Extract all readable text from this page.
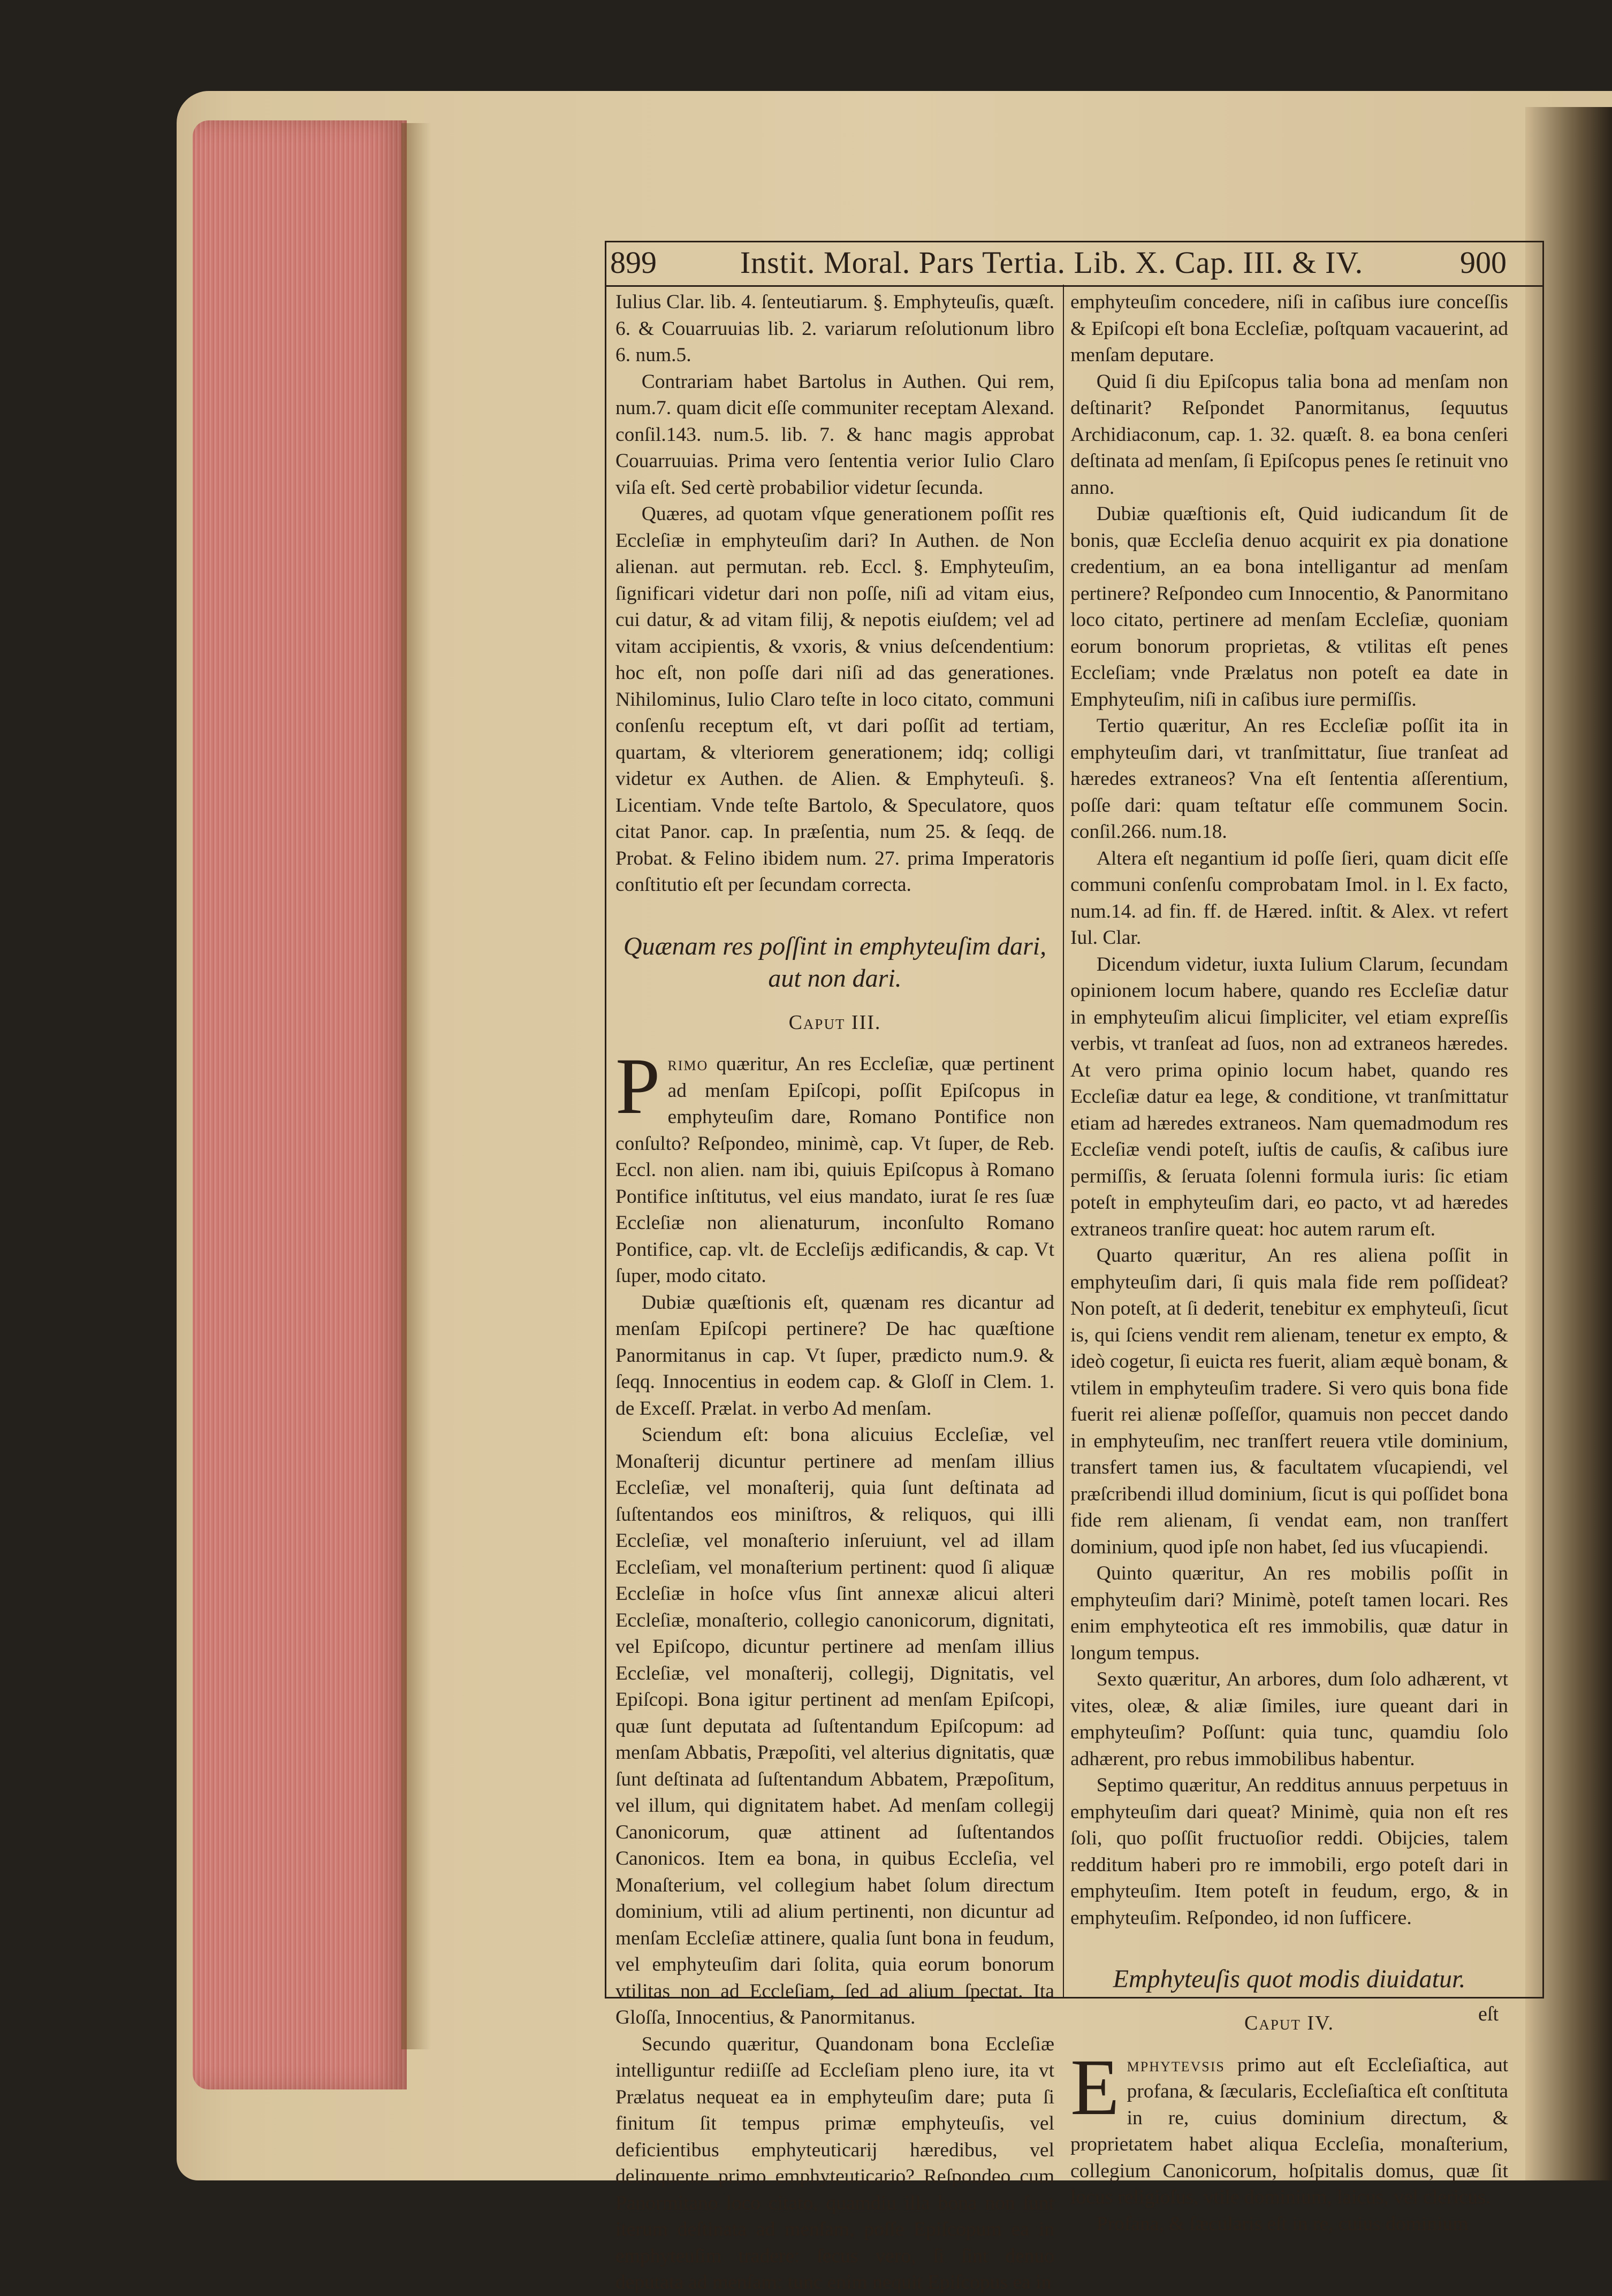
899	Instit. Moral. Pars Tertia. Lib. X. Cap. III. & IV.	900

Iulius Clar. lib. 4. ſenteutiarum. §. Emphyteuſis, quæſt. 6. & Couarruuias lib. 2. variarum reſolutionum libro 6. num.5.

Contrariam habet Bartolus in Authen. Qui rem, num.7. quam dicit eſſe communiter receptam Alexand. conſil.143. num.5. lib. 7. & hanc magis approbat Couarruuias. Prima vero ſententia verior Iulio Claro viſa eſt. Sed certè probabilior videtur ſecunda.

Quæres, ad quotam vſque generationem poſſit res Eccleſiæ in emphyteuſim dari? In Authen. de Non alienan. aut permutan. reb. Eccl. §. Emphyteuſim, ſignificari videtur dari non poſſe, niſi ad vitam eius, cui datur, & ad vitam filij, & nepotis eiuſdem; vel ad vitam accipientis, & vxoris, & vnius deſcendentium: hoc eſt, non poſſe dari niſi ad das generationes. Nihilominus, Iulio Claro teſte in loco citato, communi conſenſu receptum eſt, vt dari poſſit ad tertiam, quartam, & vlteriorem generationem; idq; colligi videtur ex Authen. de Alien. & Emphyteuſi. §. Licentiam. Vnde teſte Bartolo, & Speculatore, quos citat Panor. cap. In præſentia, num 25. & ſeqq. de Probat. & Felino ibidem num. 27. prima Imperatoris conſtitutio eſt per ſecundam correcta.

Quænam res poſſint in emphyteuſim dari, aut non dari.
Caput III.

Primo quæritur, An res Eccleſiæ, quæ pertinent ad menſam Epiſcopi, poſſit Epiſcopus in emphyteuſim dare, Romano Pontifice non conſulto? Reſpondeo, minimè, cap. Vt ſuper, de Reb. Eccl. non alien. nam ibi, quiuis Epiſcopus à Romano Pontifice inſtitutus, vel eius mandato, iurat ſe res ſuæ Eccleſiæ non alienaturum, inconſulto Romano Pontifice, cap. vlt. de Eccleſijs ædificandis, & cap. Vt ſuper, modo citato.

Dubiæ quæſtionis eſt, quænam res dicantur ad menſam Epiſcopi pertinere? De hac quæſtione Panormitanus in cap. Vt ſuper, prædicto num.9. & ſeqq. Innocentius in eodem cap. & Gloſſ in Clem. 1. de Exceſſ. Prælat. in verbo Ad menſam.

Sciendum eſt: bona alicuius Eccleſiæ, vel Monaſterij dicuntur pertinere ad menſam illius Eccleſiæ, vel monaſterij, quia ſunt deſtinata ad ſuſtentandos eos miniſtros, & reliquos, qui illi Eccleſiæ, vel monaſterio inſeruiunt, vel ad illam Eccleſiam, vel monaſterium pertinent: quod ſi aliquæ Eccleſiæ in hoſce vſus ſint annexæ alicui alteri Eccleſiæ, monaſterio, collegio canonicorum, dignitati, vel Epiſcopo, dicuntur pertinere ad menſam illius Eccleſiæ, vel monaſterij, collegij, Dignitatis, vel Epiſcopi. Bona igitur pertinent ad menſam Epiſcopi, quæ ſunt deputata ad ſuſtentandum Epiſcopum: ad menſam Abbatis, Præpoſiti, vel alterius dignitatis, quæ ſunt deſtinata ad ſuſtentandum Abbatem, Præpoſitum, vel illum, qui dignitatem habet. Ad menſam collegij Canonicorum, quæ attinent ad ſuſtentandos Canonicos. Item ea bona, in quibus Eccleſia, vel Monaſterium, vel collegium habet ſolum directum dominium, vtili ad alium pertinenti, non dicuntur ad menſam Eccleſiæ attinere, qualia ſunt bona in feudum, vel emphyteuſim dari ſolita, quia eorum bonorum vtilitas non ad Eccleſiam, ſed ad alium ſpectat. Ita Gloſſa, Innocentius, & Panormitanus.

Secundo quæritur, Quandonam bona Eccleſiæ intelliguntur rediiſſe ad Eccleſiam pleno iure, ita vt Prælatus nequeat ea in emphyteuſim dare; puta ſi finitum ſit tempus primæ emphyteuſis, vel deficientibus emphyteuticarij hæredibus, vel delinquente primo emphyteuticario? Reſpondeo cum Panormitano loco citato, quamdiu illa bona non ſunt iterum deſtinata ad menſam, poſſe Epiſcopum ea in emphyteuſim tradere: ſecus vero, ſi ſint denuo deputata ad menſam: tunc enim nequit Epiſcopus ea in

emphyteuſim concedere, niſi in caſibus iure conceſſis & Epiſcopi eſt bona Eccleſiæ, poſtquam vacauerint, ad menſam deputare.

Quid ſi diu Epiſcopus talia bona ad menſam non deſtinarit? Reſpondet Panormitanus, ſequutus Archidiaconum, cap. 1. 32. quæſt. 8. ea bona cenſeri deſtinata ad menſam, ſi Epiſcopus penes ſe retinuit vno anno.

Dubiæ quæſtionis eſt, Quid iudicandum ſit de bonis, quæ Eccleſia denuo acquirit ex pia donatione credentium, an ea bona intelligantur ad menſam pertinere? Reſpondeo cum Innocentio, & Panormitano loco citato, pertinere ad menſam Eccleſiæ, quoniam eorum bonorum proprietas, & vtilitas eſt penes Eccleſiam; vnde Prælatus non poteſt ea date in Emphyteuſim, niſi in caſibus iure permiſſis.

Tertio quæritur, An res Eccleſiæ poſſit ita in emphyteuſim dari, vt tranſmittatur, ſiue tranſeat ad hæredes extraneos? Vna eſt ſententia aſſerentium, poſſe dari: quam teſtatur eſſe communem Socin. conſil.266. num.18.

Altera eſt negantium id poſſe ſieri, quam dicit eſſe communi conſenſu comprobatam Imol. in l. Ex facto, num.14. ad fin. ff. de Hæred. inſtit. & Alex. vt refert Iul. Clar.

Dicendum videtur, iuxta Iulium Clarum, ſecundam opinionem locum habere, quando res Eccleſiæ datur in emphyteuſim alicui ſimpliciter, vel etiam expreſſis verbis, vt tranſeat ad ſuos, non ad extraneos hæredes. At vero prima opinio locum habet, quando res Eccleſiæ datur ea lege, & conditione, vt tranſmittatur etiam ad hæredes extraneos. Nam quemadmodum res Eccleſiæ vendi poteſt, iuſtis de cauſis, & caſibus iure permiſſis, & ſeruata ſolenni formula iuris: ſic etiam poteſt in emphyteuſim dari, eo pacto, vt ad hæredes extraneos tranſire queat: hoc autem rarum eſt.

Quarto quæritur, An res aliena poſſit in emphyteuſim dari, ſi quis mala fide rem poſſideat? Non poteſt, at ſi dederit, tenebitur ex emphyteuſi, ſicut is, qui ſciens vendit rem alienam, tenetur ex empto, & ideò cogetur, ſi euicta res fuerit, aliam æquè bonam, & vtilem in emphyteuſim tradere. Si vero quis bona fide fuerit rei alienæ poſſeſſor, quamuis non peccet dando in emphyteuſim, nec tranſfert reuera vtile dominium, transfert tamen ius, & facultatem vſucapiendi, vel præſcribendi illud dominium, ſicut is qui poſſidet bona fide rem alienam, ſi vendat eam, non tranſfert dominium, quod ipſe non habet, ſed ius vſucapiendi.

Quinto quæritur, An res mobilis poſſit in emphyteuſim dari? Minimè, poteſt tamen locari. Res enim emphyteotica eſt res immobilis, quæ datur in longum tempus.

Sexto quæritur, An arbores, dum ſolo adhærent, vt vites, oleæ, & aliæ ſimiles, iure queant dari in emphyteuſim? Poſſunt: quia tunc, quamdiu ſolo adhærent, pro rebus immobilibus habentur.

Septimo quæritur, An redditus annuus perpetuus in emphyteuſim dari queat? Minimè, quia non eſt res ſoli, quo poſſit fructuoſior reddi. Obijcies, talem redditum haberi pro re immobili, ergo poteſt dari in emphyteuſim. Item poteſt in feudum, ergo, & in emphyteuſim. Reſpondeo, id non ſufficere.

Emphyteuſis quot modis diuidatur.
Caput IV.

Emphytevsis primo aut eſt Eccleſiaſtica, aut profana, & ſæcularis, Eccleſiaſtica eſt conſtituta in re, cuius dominium directum, & proprietatem habet aliqua Eccleſia, monaſterium, collegium Canonicorum, hoſpitalis domus, quæ ſit locus religioſus, vtile dominium, laicus, vel clericus.

Profana, & ſæcularis eſt in re, cuius dominium

eſt
